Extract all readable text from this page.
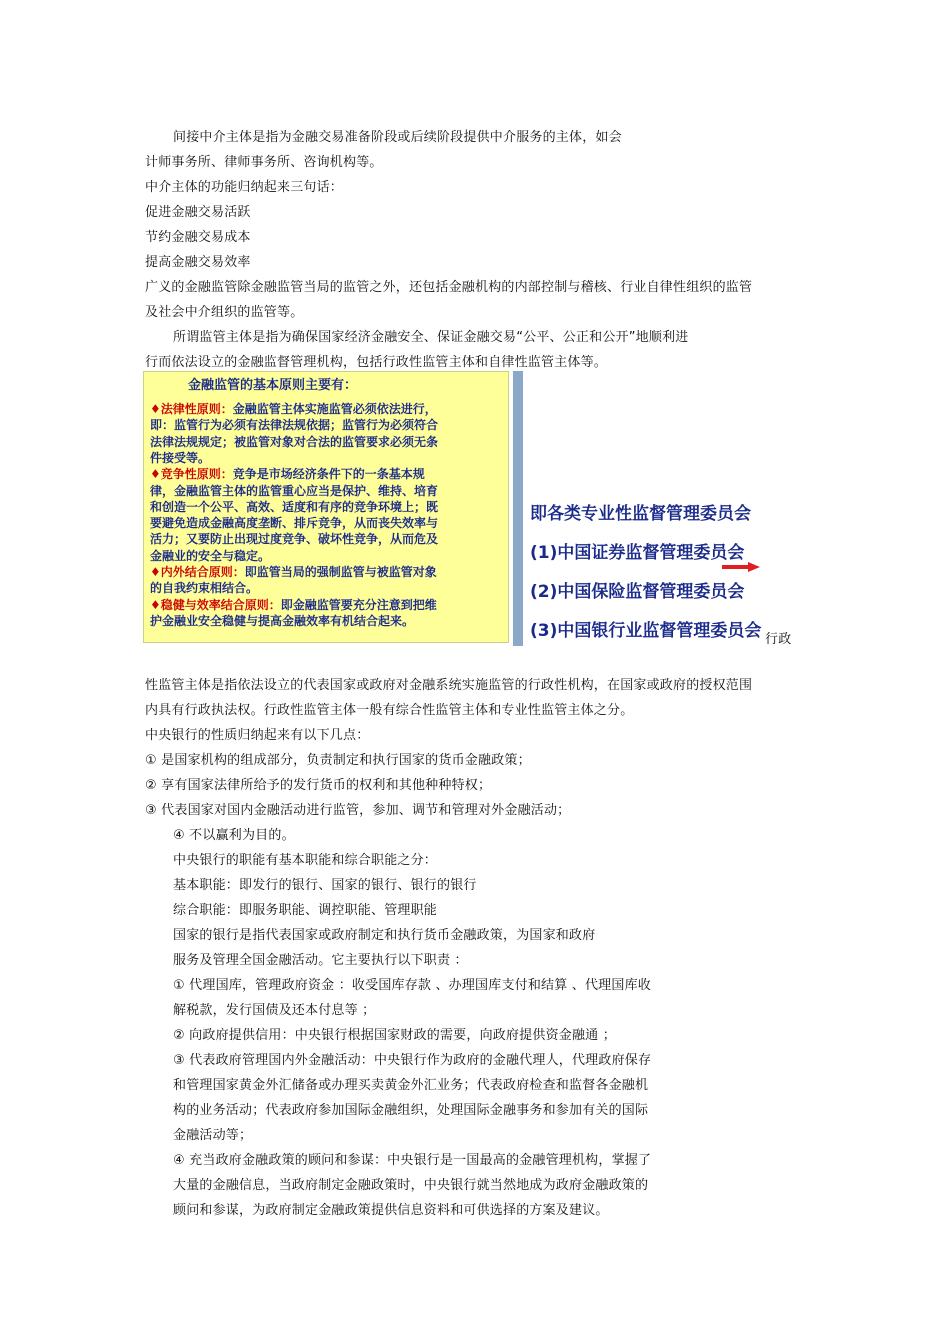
间接中介主体是指为金融交易准备阶段或后续阶段提供中介服务的主体，如会
计师事务所、律师事务所、咨询机构等。
中介主体的功能归纳起来三句话：
促进金融交易活跃
节约金融交易成本
提高金融交易效率
广义的金融监管除金融监管当局的监管之外，还包括金融机构的内部控制与稽核、行业自律性组织的监管
及社会中介组织的监管等。
所谓监管主体是指为确保国家经济金融安全、保证金融交易“公平、公正和公开”地顺利进
行而依法设立的金融监督管理机构，包括行政性监管主体和自律性监管主体等。
金融监管的基本原则主要有：
♦法律性原则：金融监管主体实施监管必须依法进行，
即：监管行为必须有法律法规依据；监管行为必须符合
法律法规规定；被监管对象对合法的监管要求必须无条
件接受等。
♦竞争性原则：竞争是市场经济条件下的一条基本规
律，金融监管主体的监管重心应当是保护、维持、培育
和创造一个公平、高效、适度和有序的竞争环境上；既
要避免造成金融高度垄断、排斥竞争，从而丧失效率与
活力；又要防止出现过度竞争、破坏性竞争，从而危及
金融业的安全与稳定。
♦内外结合原则：即监管当局的强制监管与被监管对象
的自我约束相结合。
♦稳健与效率结合原则：即金融监管要充分注意到把维
护金融业安全稳健与提高金融效率有机结合起来。
即各类专业性监督管理委员会
(1)中国证券监督管理委员会
(2)中国保险监督管理委员会
(3)中国银行业监督管理委员会 行政
性监管主体是指依法设立的代表国家或政府对金融系统实施监管的行政性机构，在国家或政府的授权范围
内具有行政执法权。行政性监管主体一般有综合性监管主体和专业性监管主体之分。
中央银行的性质归纳起来有以下几点：
① 是国家机构的组成部分，负责制定和执行国家的货币金融政策；
② 享有国家法律所给予的发行货币的权利和其他种种特权；
③ 代表国家对国内金融活动进行监管，参加、调节和管理对外金融活动；
④ 不以赢利为目的。
中央银行的职能有基本职能和综合职能之分：
基本职能：即发行的银行、国家的银行、银行的银行
综合职能：即服务职能、调控职能、管理职能
国家的银行是指代表国家或政府制定和执行货币金融政策，为国家和政府
服务及管理全国金融活动。它主要执行以下职责 ：
① 代理国库，管理政府资金 ：收受国库存款 、办理国库支付和结算 、代理国库收
解税款，发行国债及还本付息等 ；
② 向政府提供信用：中央银行根据国家财政的需要，向政府提供资金融通 ；
③ 代表政府管理国内外金融活动：中央银行作为政府的金融代理人，代理政府保存
和管理国家黄金外汇储备或办理买卖黄金外汇业务；代表政府检查和监督各金融机
构的业务活动；代表政府参加国际金融组织，处理国际金融事务和参加有关的国际
金融活动等；
④ 充当政府金融政策的顾问和参谋：中央银行是一国最高的金融管理机构，掌握了
大量的金融信息，当政府制定金融政策时，中央银行就当然地成为政府金融政策的
顾问和参谋，为政府制定金融政策提供信息资料和可供选择的方案及建议。
